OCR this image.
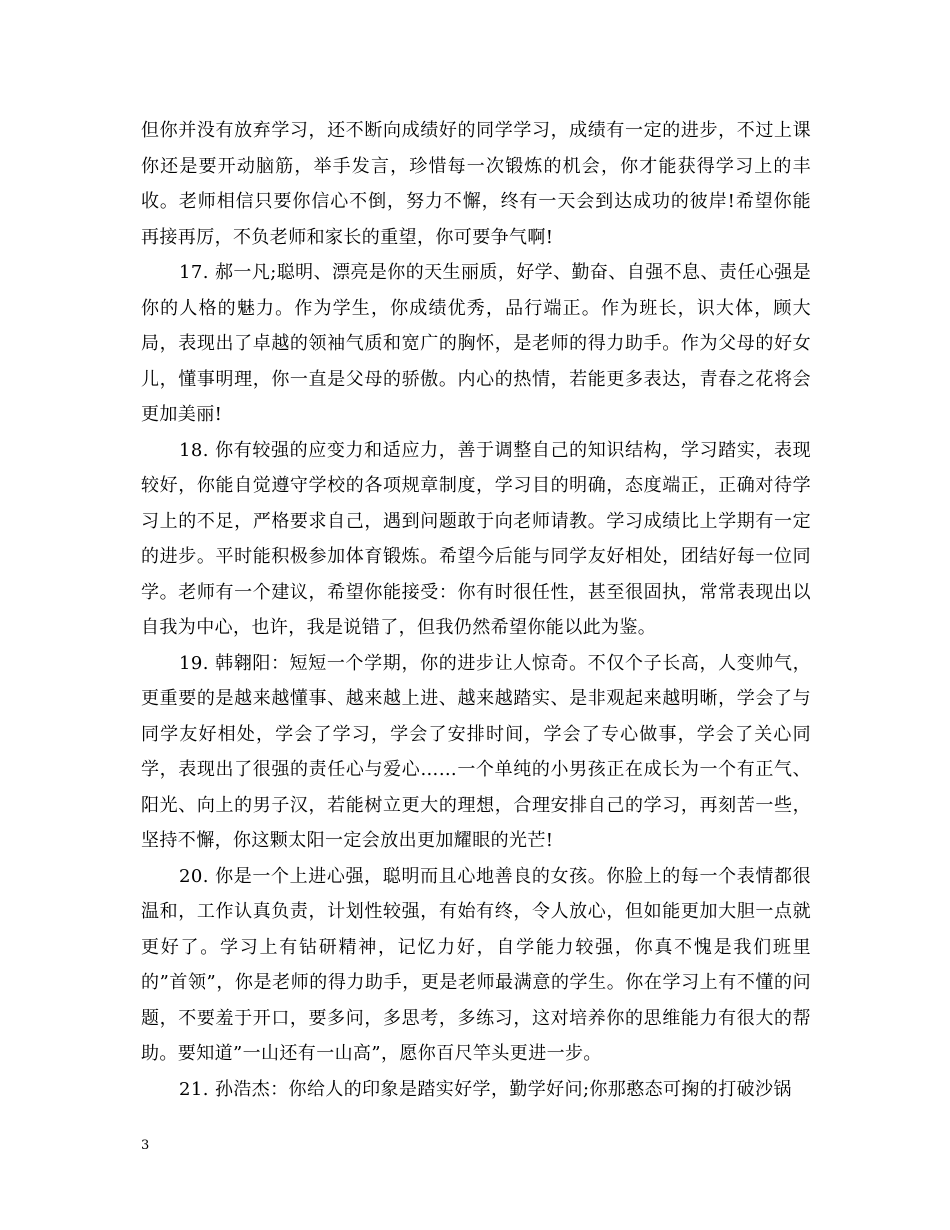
但你并没有放弃学习，还不断向成绩好的同学学习，成绩有一定的进步，不过上课你还是要开动脑筋，举手发言，珍惜每一次锻炼的机会，你才能获得学习上的丰收。老师相信只要你信心不倒，努力不懈，终有一天会到达成功的彼岸!希望你能再接再厉，不负老师和家长的重望，你可要争气啊!

17. 郝一凡;聪明、漂亮是你的天生丽质，好学、勤奋、自强不息、责任心强是你的人格的魅力。作为学生，你成绩优秀，品行端正。作为班长，识大体，顾大局，表现出了卓越的领袖气质和宽广的胸怀，是老师的得力助手。作为父母的好女儿，懂事明理，你一直是父母的骄傲。内心的热情，若能更多表达，青春之花将会更加美丽!

18. 你有较强的应变力和适应力，善于调整自己的知识结构，学习踏实，表现较好，你能自觉遵守学校的各项规章制度，学习目的明确，态度端正，正确对待学习上的不足，严格要求自己，遇到问题敢于向老师请教。学习成绩比上学期有一定的进步。平时能积极参加体育锻炼。希望今后能与同学友好相处，团结好每一位同学。老师有一个建议，希望你能接受：你有时很任性，甚至很固执，常常表现出以自我为中心，也许，我是说错了，但我仍然希望你能以此为鉴。

19. 韩翱阳：短短一个学期，你的进步让人惊奇。不仅个子长高，人变帅气，更重要的是越来越懂事、越来越上进、越来越踏实、是非观起来越明晰，学会了与同学友好相处，学会了学习，学会了安排时间，学会了专心做事，学会了关心同学，表现出了很强的责任心与爱心……一个单纯的小男孩正在成长为一个有正气、阳光、向上的男子汉，若能树立更大的理想，合理安排自己的学习，再刻苦一些，坚持不懈，你这颗太阳一定会放出更加耀眼的光芒!

20. 你是一个上进心强，聪明而且心地善良的女孩。你脸上的每一个表情都很温和，工作认真负责，计划性较强，有始有终，令人放心，但如能更加大胆一点就更好了。学习上有钻研精神，记忆力好，自学能力较强，你真不愧是我们班里的”首领”，你是老师的得力助手，更是老师最满意的学生。你在学习上有不懂的问题，不要羞于开口，要多问，多思考，多练习，这对培养你的思维能力有很大的帮助。要知道”一山还有一山高”，愿你百尺竿头更进一步。

21. 孙浩杰：你给人的印象是踏实好学，勤学好问;你那憨态可掬的打破沙锅

3
